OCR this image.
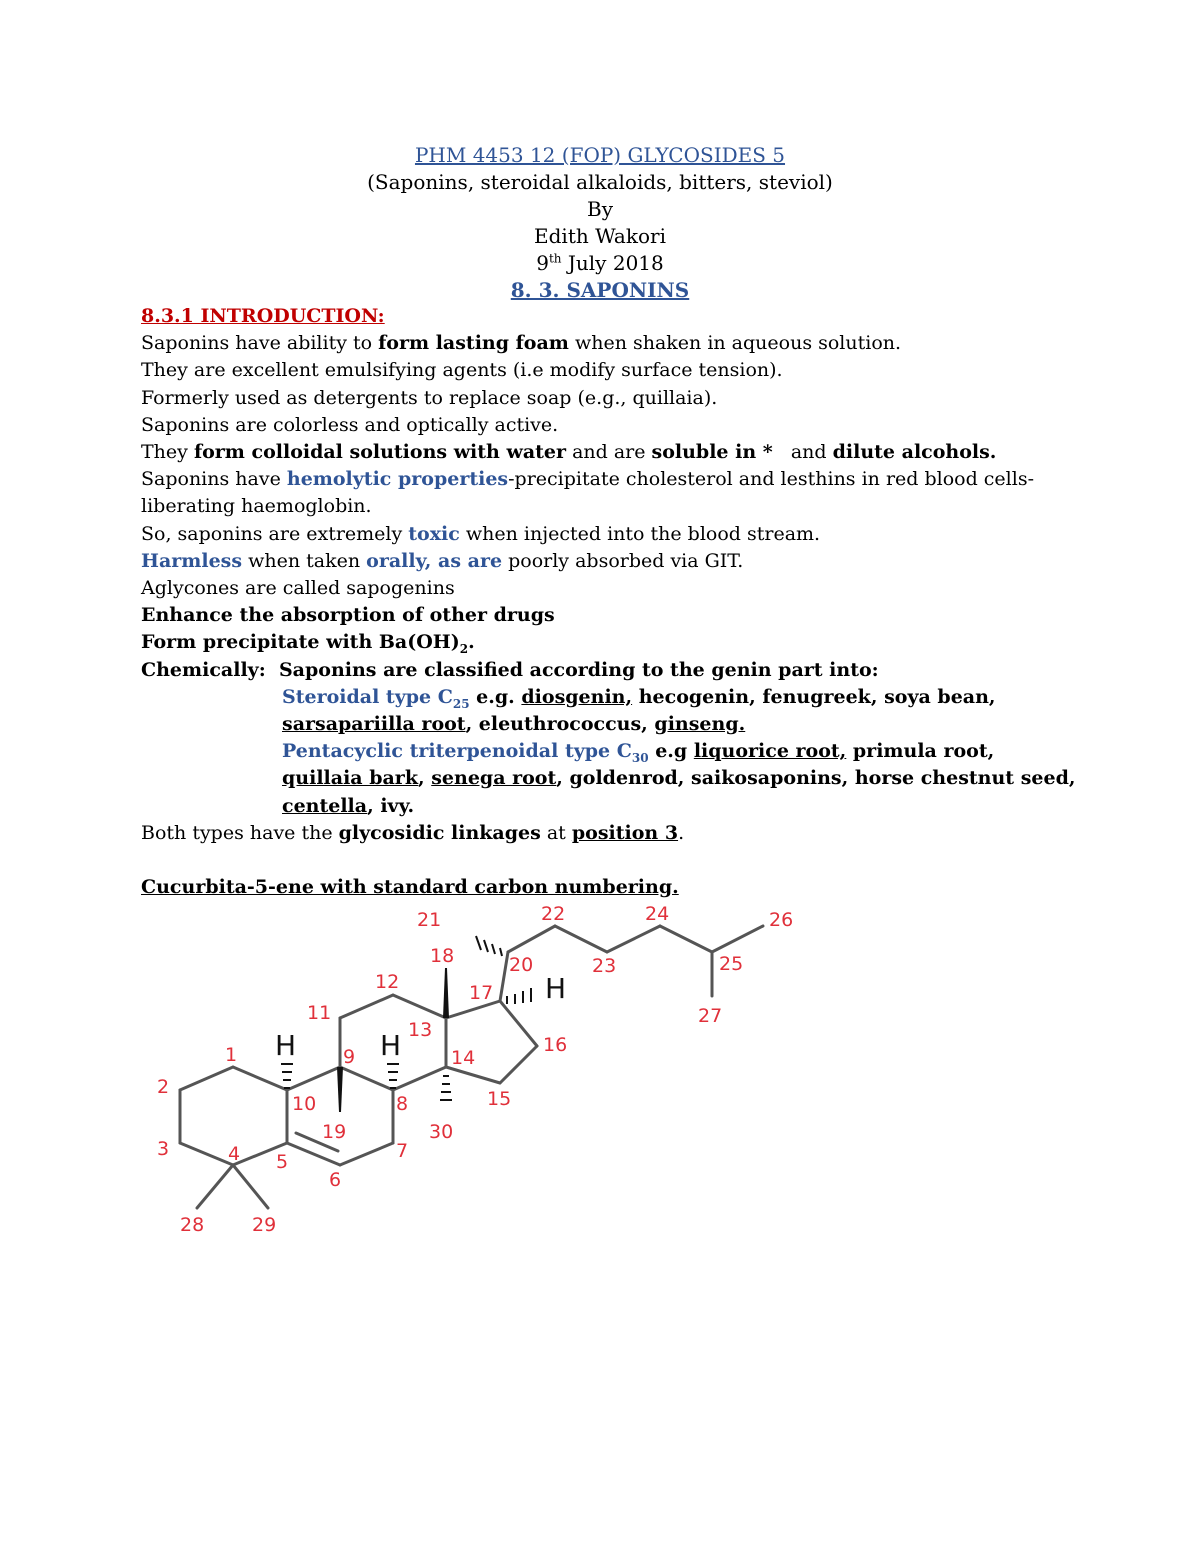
PHM 4453 12 (FOP) GLYCOSIDES 5
(Saponins, steroidal alkaloids, bitters, steviol)
By
Edith Wakori
9th July 2018
8. 3. SAPONINS
8.3.1 INTRODUCTION:
Saponins have ability to form lasting foam when shaken in aqueous solution.
They are excellent emulsifying agents (i.e modify surface tension).
Formerly used as detergents to replace soap (e.g., quillaia).
Saponins are colorless and optically active.
They form colloidal solutions with water and are soluble in *   and dilute alcohols.
Saponins have hemolytic properties-precipitate cholesterol and lesthins in red blood cells-
liberating haemoglobin.
So, saponins are extremely toxic when injected into the blood stream.
Harmless when taken orally, as are poorly absorbed via GIT.
Aglycones are called sapogenins
Enhance the absorption of other drugs
Form precipitate with $Ba(OH)_2$.
Chemically:  Saponins are classified according to the genin part into:
Steroidal type $C_{25}$ e.g. diosgenin, hecogenin, fenugreek, soya bean,
sarsapariilla root, eleuthrococcus, ginseng.
Pentacyclic triterpenoidal type $C_{30}$ e.g liquorice root, primula root, quillaia bark, senega root, goldenrod, saikosaponins, horse chestnut seed, centella, ivy.
Both types have the glycosidic linkages at position 3.
Cucurbita-5-ene with standard carbon numbering.
H	H
H
1
2
3	4 5
6
7
8
9
10
11
12
13
14
15
16
17
18
19
20
21	22
23
24
25
26
27
28	29
30
